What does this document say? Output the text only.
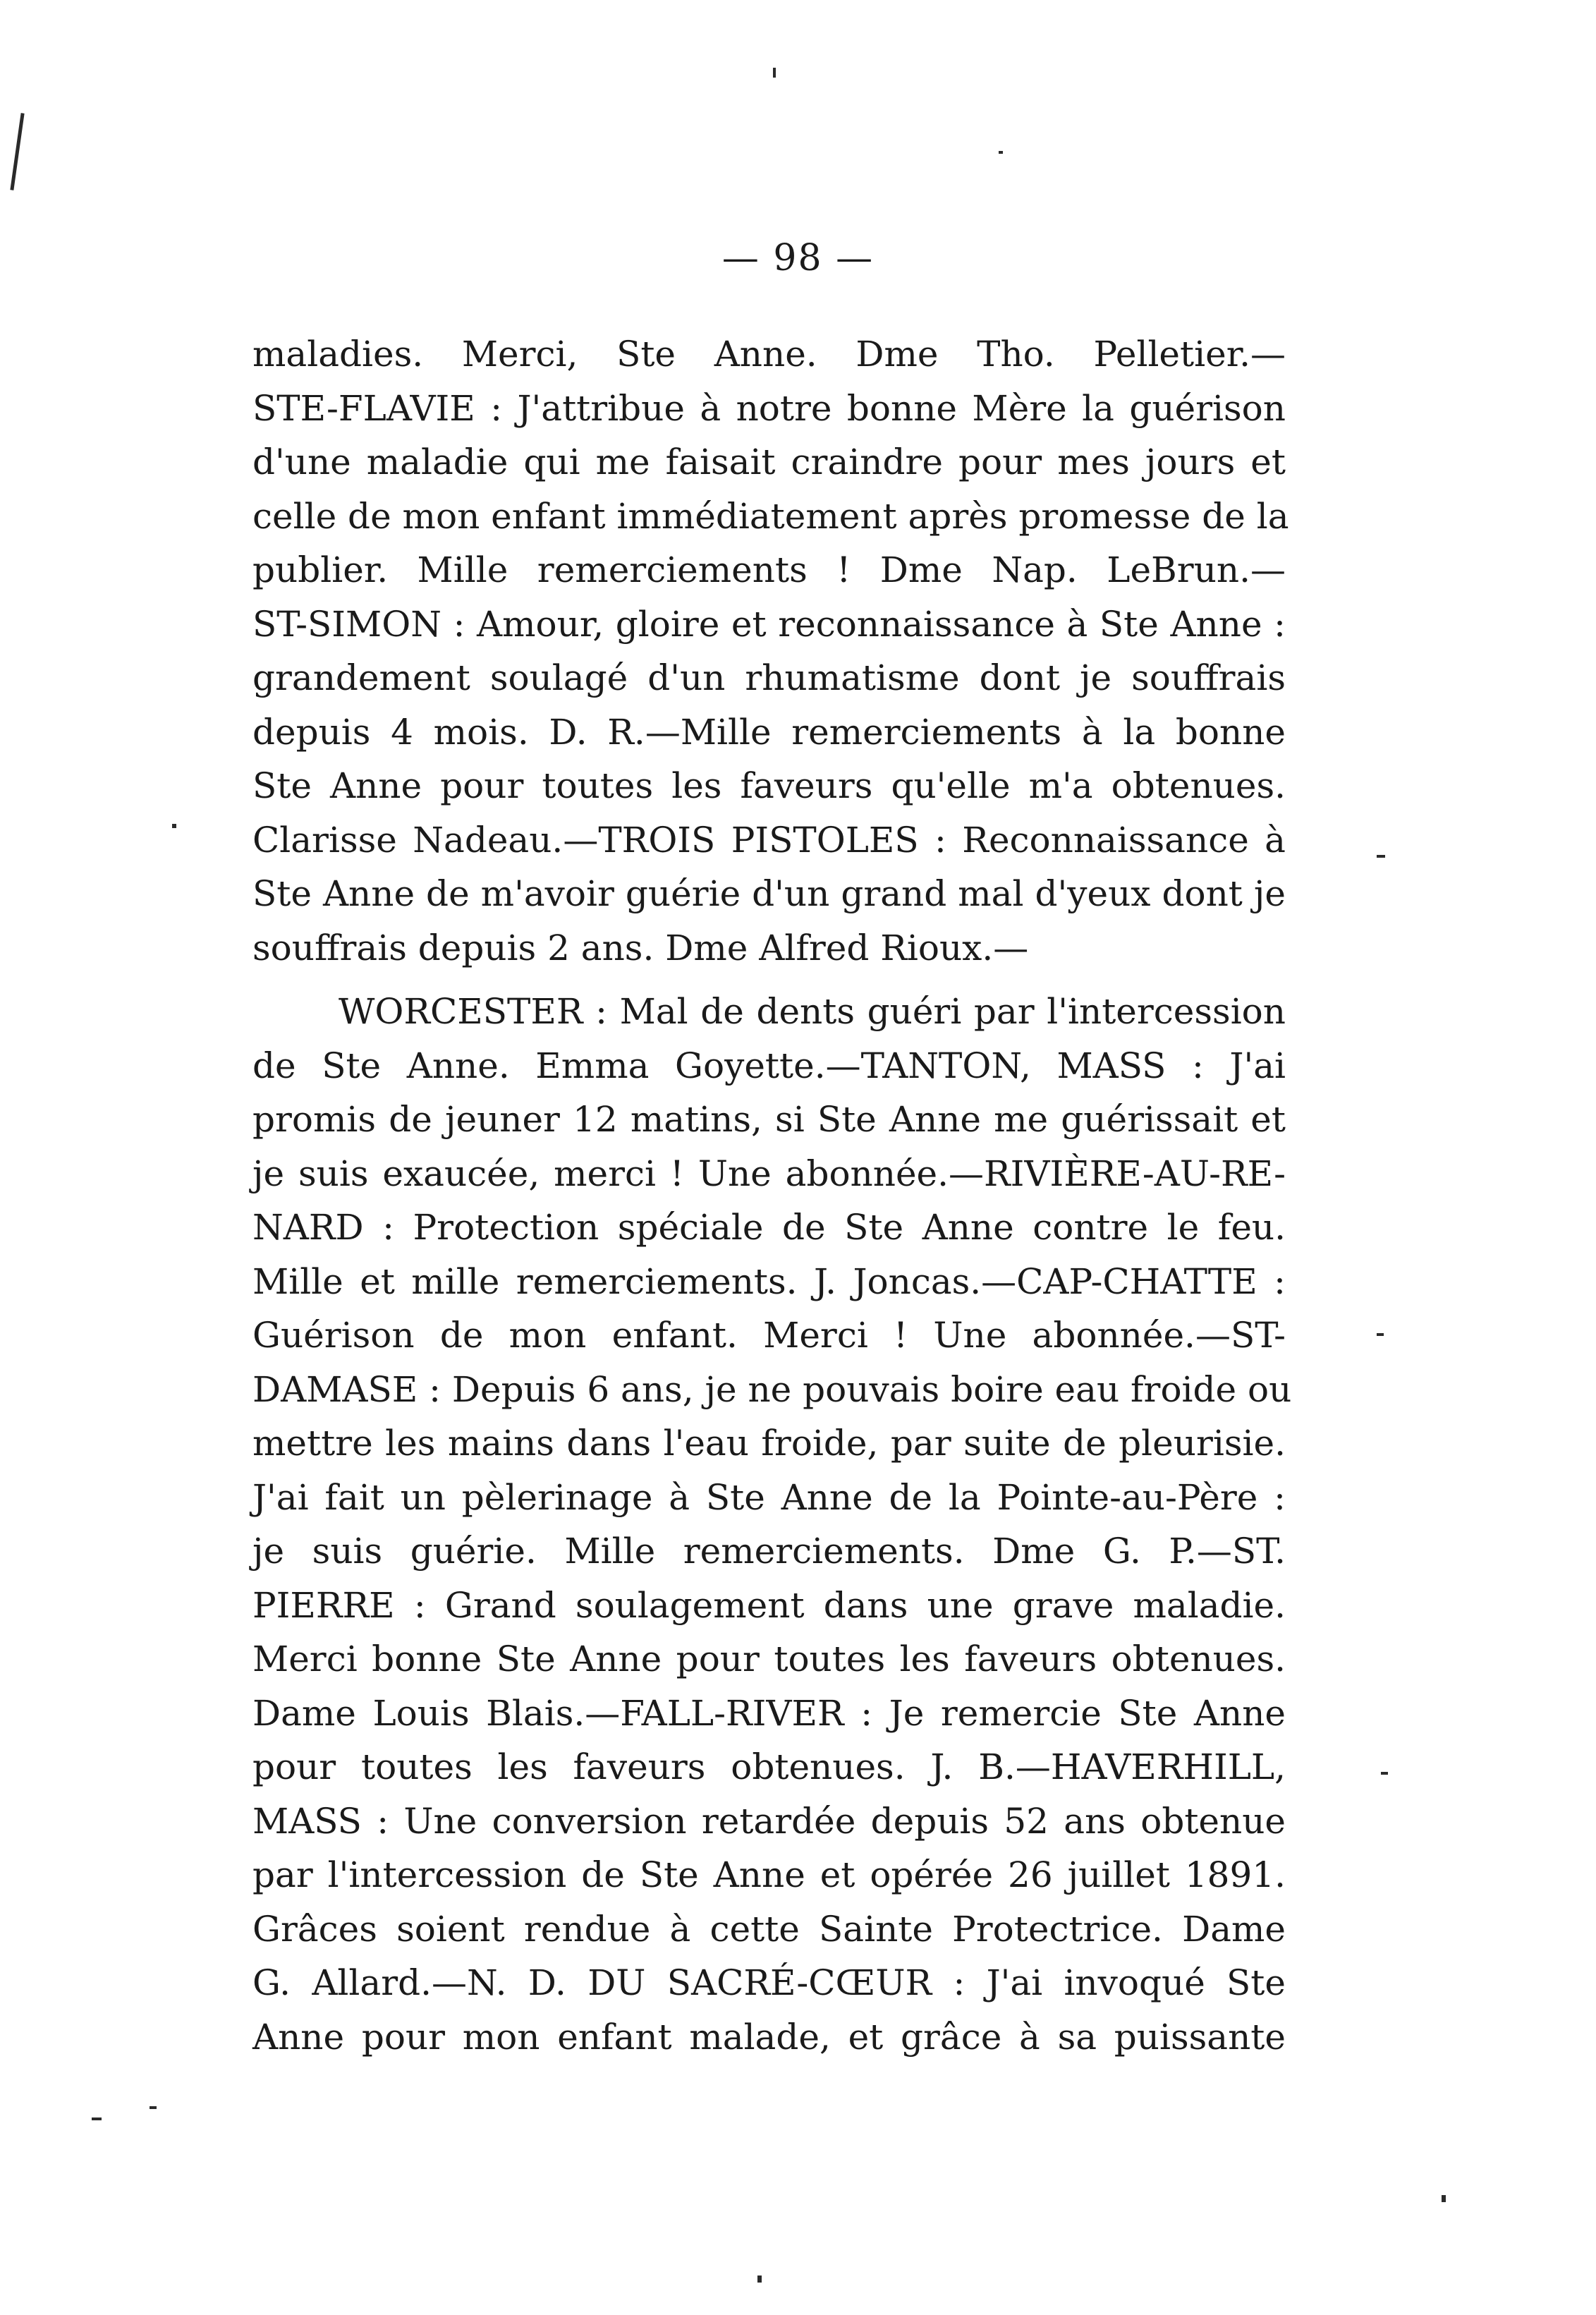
— 98 —
maladies. Merci, Ste Anne. Dme Tho. Pelletier.—
STE-FLAVIE : J'attribue à notre bonne Mère la guérison
d'une maladie qui me faisait craindre pour mes jours et
celle de mon enfant immédiatement après promesse de la
publier. Mille remerciements ! Dme Nap. LeBrun.—
ST-SIMON : Amour, gloire et reconnaissance à Ste Anne :
grandement soulagé d'un rhumatisme dont je souffrais
depuis 4 mois. D. R.—Mille remerciements à la bonne
Ste Anne pour toutes les faveurs qu'elle m'a obtenues.
Clarisse Nadeau.—TROIS PISTOLES : Reconnaissance à
Ste Anne de m'avoir guérie d'un grand mal d'yeux dont je
souffrais depuis 2 ans. Dme Alfred Rioux.—
WORCESTER : Mal de dents guéri par l'intercession
de Ste Anne. Emma Goyette.—TANTON, MASS : J'ai
promis de jeuner 12 matins, si Ste Anne me guérissait et
je suis exaucée, merci ! Une abonnée.—RIVIÈRE-AU-RE-
NARD : Protection spéciale de Ste Anne contre le feu.
Mille et mille remerciements. J. Joncas.—CAP-CHATTE :
Guérison de mon enfant. Merci ! Une abonnée.—ST-
DAMASE : Depuis 6 ans, je ne pouvais boire eau froide ou
mettre les mains dans l'eau froide, par suite de pleurisie.
J'ai fait un pèlerinage à Ste Anne de la Pointe-au-Père :
je suis guérie. Mille remerciements. Dme G. P.—ST.
PIERRE : Grand soulagement dans une grave maladie.
Merci bonne Ste Anne pour toutes les faveurs obtenues.
Dame Louis Blais.—FALL-RIVER : Je remercie Ste Anne
pour toutes les faveurs obtenues. J. B.—HAVERHILL,
MASS : Une conversion retardée depuis 52 ans obtenue
par l'intercession de Ste Anne et opérée 26 juillet 1891.
Grâces soient rendue à cette Sainte Protectrice. Dame
G. Allard.—N. D. DU SACRÉ-CŒUR : J'ai invoqué Ste
Anne pour mon enfant malade, et grâce à sa puissante
